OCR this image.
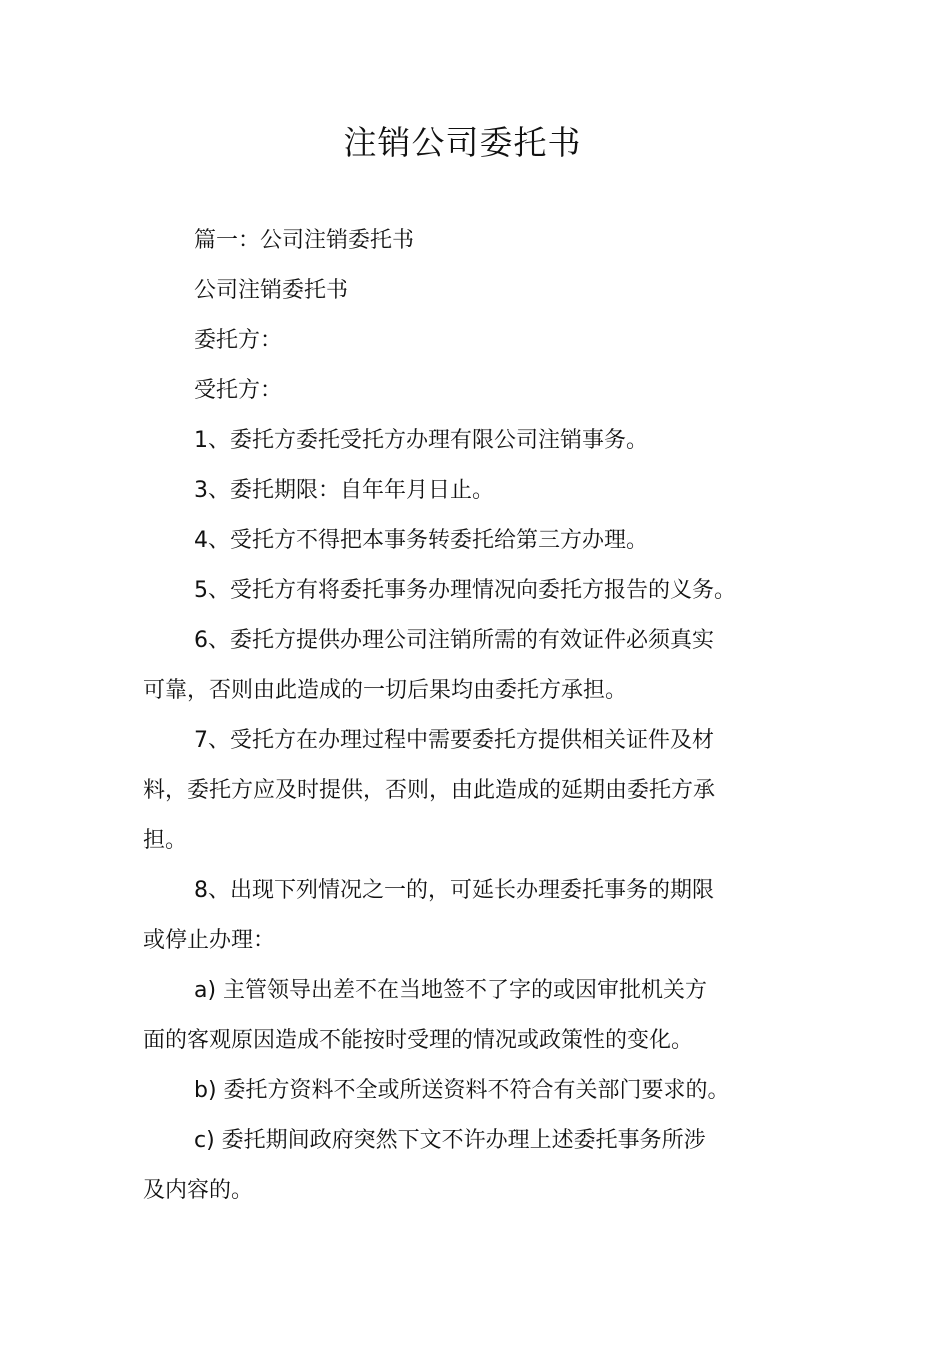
注销公司委托书

篇一：公司注销委托书

公司注销委托书

委托方：

受托方：

1、委托方委托受托方办理有限公司注销事务。

3、委托期限：自年年月日止。

4、受托方不得把本事务转委托给第三方办理。

5、受托方有将委托事务办理情况向委托方报告的义务。

6、委托方提供办理公司注销所需的有效证件必须真实

可靠，否则由此造成的一切后果均由委托方承担。

7、受托方在办理过程中需要委托方提供相关证件及材

料，委托方应及时提供，否则，由此造成的延期由委托方承

担。

8、出现下列情况之一的，可延长办理委托事务的期限

或停止办理：

a) 主管领导出差不在当地签不了字的或因审批机关方

面的客观原因造成不能按时受理的情况或政策性的变化。

b) 委托方资料不全或所送资料不符合有关部门要求的。

c) 委托期间政府突然下文不许办理上述委托事务所涉

及内容的。
